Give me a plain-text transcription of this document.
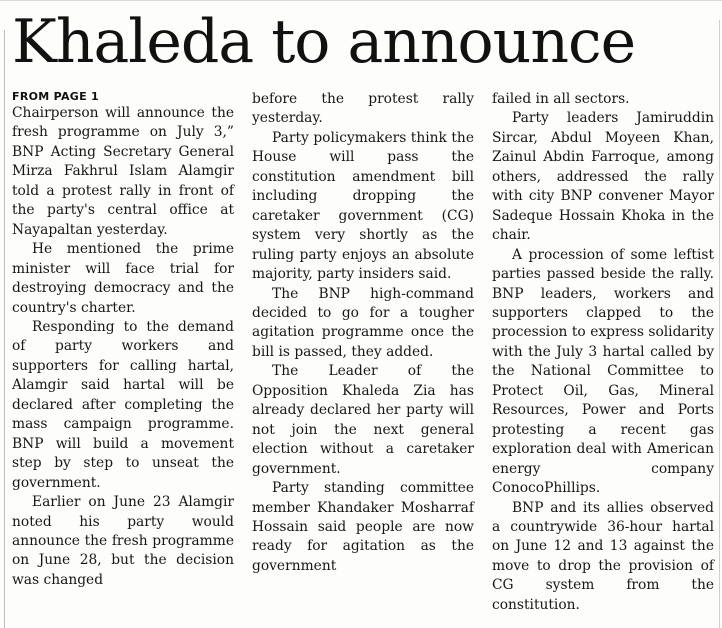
Khaleda to announce
FROM PAGE 1

Chairperson will announce the fresh programme on July 3,” BNP Acting Secretary General Mirza Fakhrul Islam Alamgir told a protest rally in front of the party's central office at Nayapaltan yesterday.

He mentioned the prime minister will face trial for destroying democracy and the country's charter.

Responding to the demand of party workers and supporters for calling hartal, Alamgir said hartal will be declared after completing the mass campaign programme. BNP will build a movement step by step to unseat the government.

Earlier on June 23 Alamgir noted his party would announce the fresh programme on June 28, but the decision was changed

before the protest rally yesterday.

Party policymakers think the House will pass the constitution amendment bill including dropping the caretaker government (CG) system very shortly as the ruling party enjoys an absolute majority, party insiders said.

The BNP high-command decided to go for a tougher agitation programme once the bill is passed, they added.

The Leader of the Opposition Khaleda Zia has already declared her party will not join the next general election without a caretaker government.

Party standing committee member Khandaker Mosharraf Hossain said people are now ready for agitation as the government

failed in all sectors.

Party leaders Jamiruddin Sircar, Abdul Moyeen Khan, Zainul Abdin Farroque, among others, addressed the rally with city BNP convener Mayor Sadeque Hossain Khoka in the chair.

A procession of some leftist parties passed beside the rally. BNP leaders, workers and supporters clapped to the procession to express solidarity with the July 3 hartal called by the National Committee to Protect Oil, Gas, Mineral Resources, Power and Ports protesting a recent gas exploration deal with American energy company ConocoPhillips.

BNP and its allies observed a countrywide 36-hour hartal on June 12 and 13 against the move to drop the provision of CG system from the constitution.
